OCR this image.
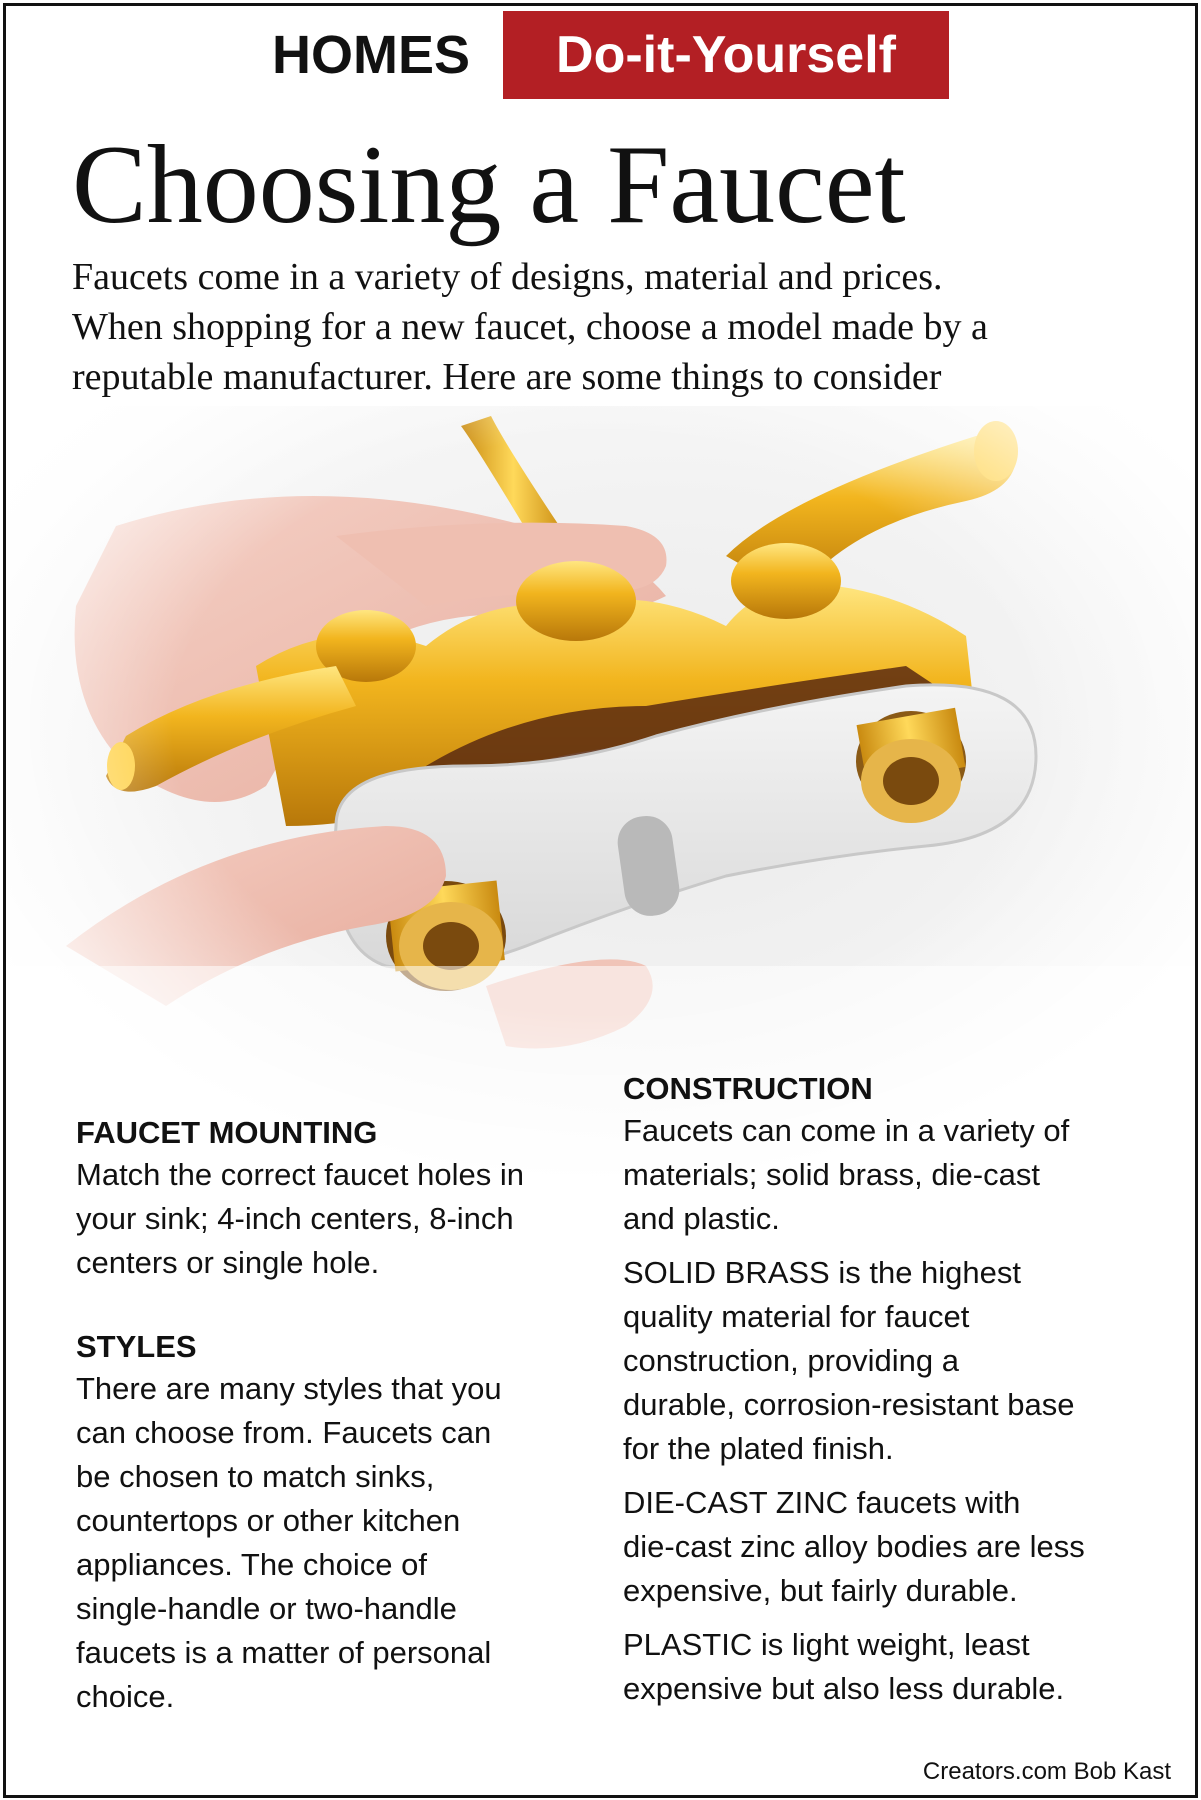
HOMES Do-it-Yourself
Choosing a Faucet
Faucets come in a variety of designs, material and prices.
When shopping for a new faucet, choose a model made by a
reputable manufacturer. Here are some things to consider

FAUCET MOUNTING

Match the correct faucet holes in

your sink; 4-inch centers, 8-inch

centers or single hole.

STYLES

There are many styles that you

can choose from. Faucets can

be chosen to match sinks,

countertops or other kitchen

appliances. The choice of

single-handle or two-handle

faucets is a matter of personal

choice.

CONSTRUCTION

Faucets can come in a variety of
materials; solid brass, die-cast
and plastic.
SOLID BRASS is the highest
quality material for faucet
construction, providing a
durable, corrosion-resistant base
for the plated finish.
DIE-CAST ZINC faucets with
die-cast zinc alloy bodies are less
expensive, but fairly durable.
PLASTIC is light weight, least
expensive but also less durable.
Creators.com Bob Kast
